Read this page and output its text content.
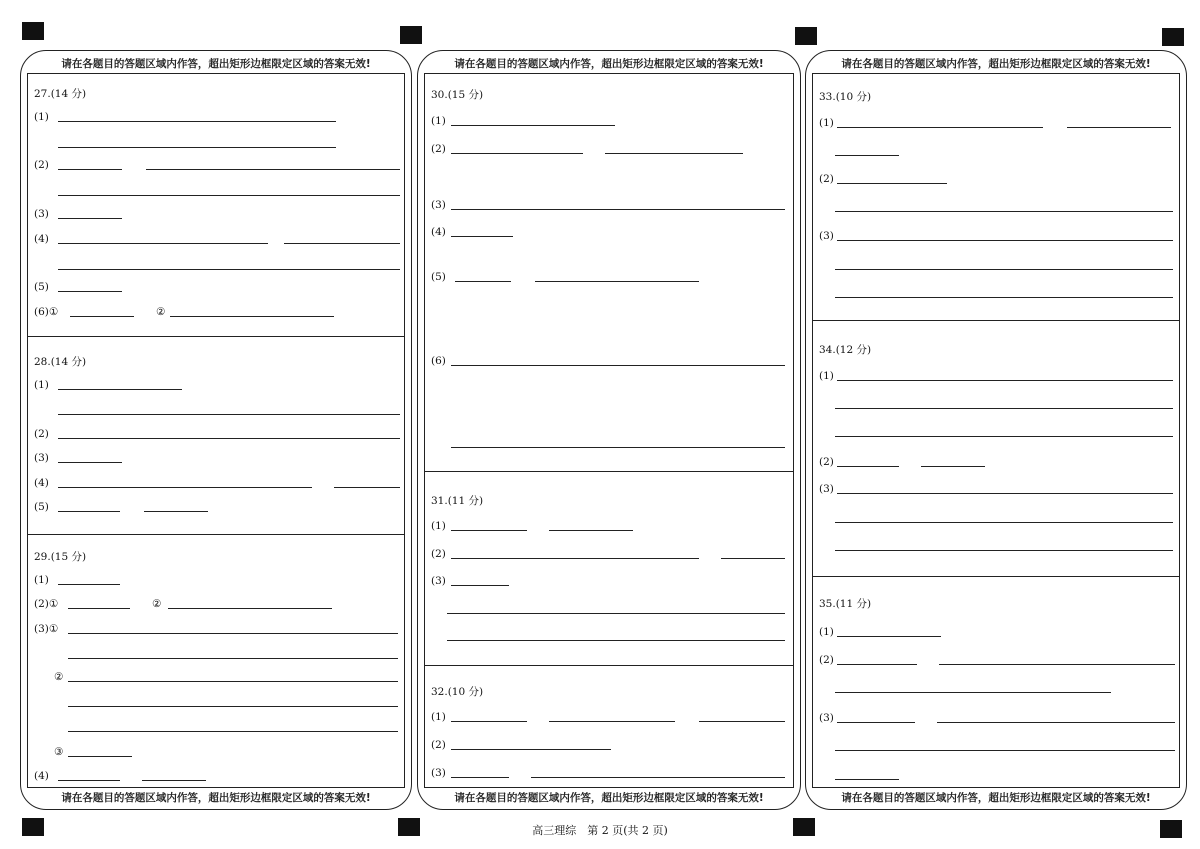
请在各题目的答题区域内作答，超出矩形边框限定区域的答案无效!
27.(14 分)
(1)
(2)
(3)
(4)
(5)
(6)①	②
28.(14 分)
(1)
(2)
(3)
(4)
(5)
29.(15 分)
(1)
(2)①	②
(3)①
②
③
(4)
请在各题目的答题区域内作答，超出矩形边框限定区域的答案无效!
请在各题目的答题区域内作答，超出矩形边框限定区域的答案无效!
30.(15 分)
(1)
(2)
(3)
(4)
(5)
(6)
31.(11 分)
(1)
(2)
(3)
32.(10 分)
(1)
(2)
(3)
请在各题目的答题区域内作答，超出矩形边框限定区域的答案无效!
请在各题目的答题区域内作答，超出矩形边框限定区域的答案无效!
33.(10 分)
(1)
(2)
(3)
34.(12 分)
(1)
(2)
(3)
35.(11 分)
(1)
(2)
(3)
请在各题目的答题区域内作答，超出矩形边框限定区域的答案无效!
高三理综　第 2 页(共 2 页)
